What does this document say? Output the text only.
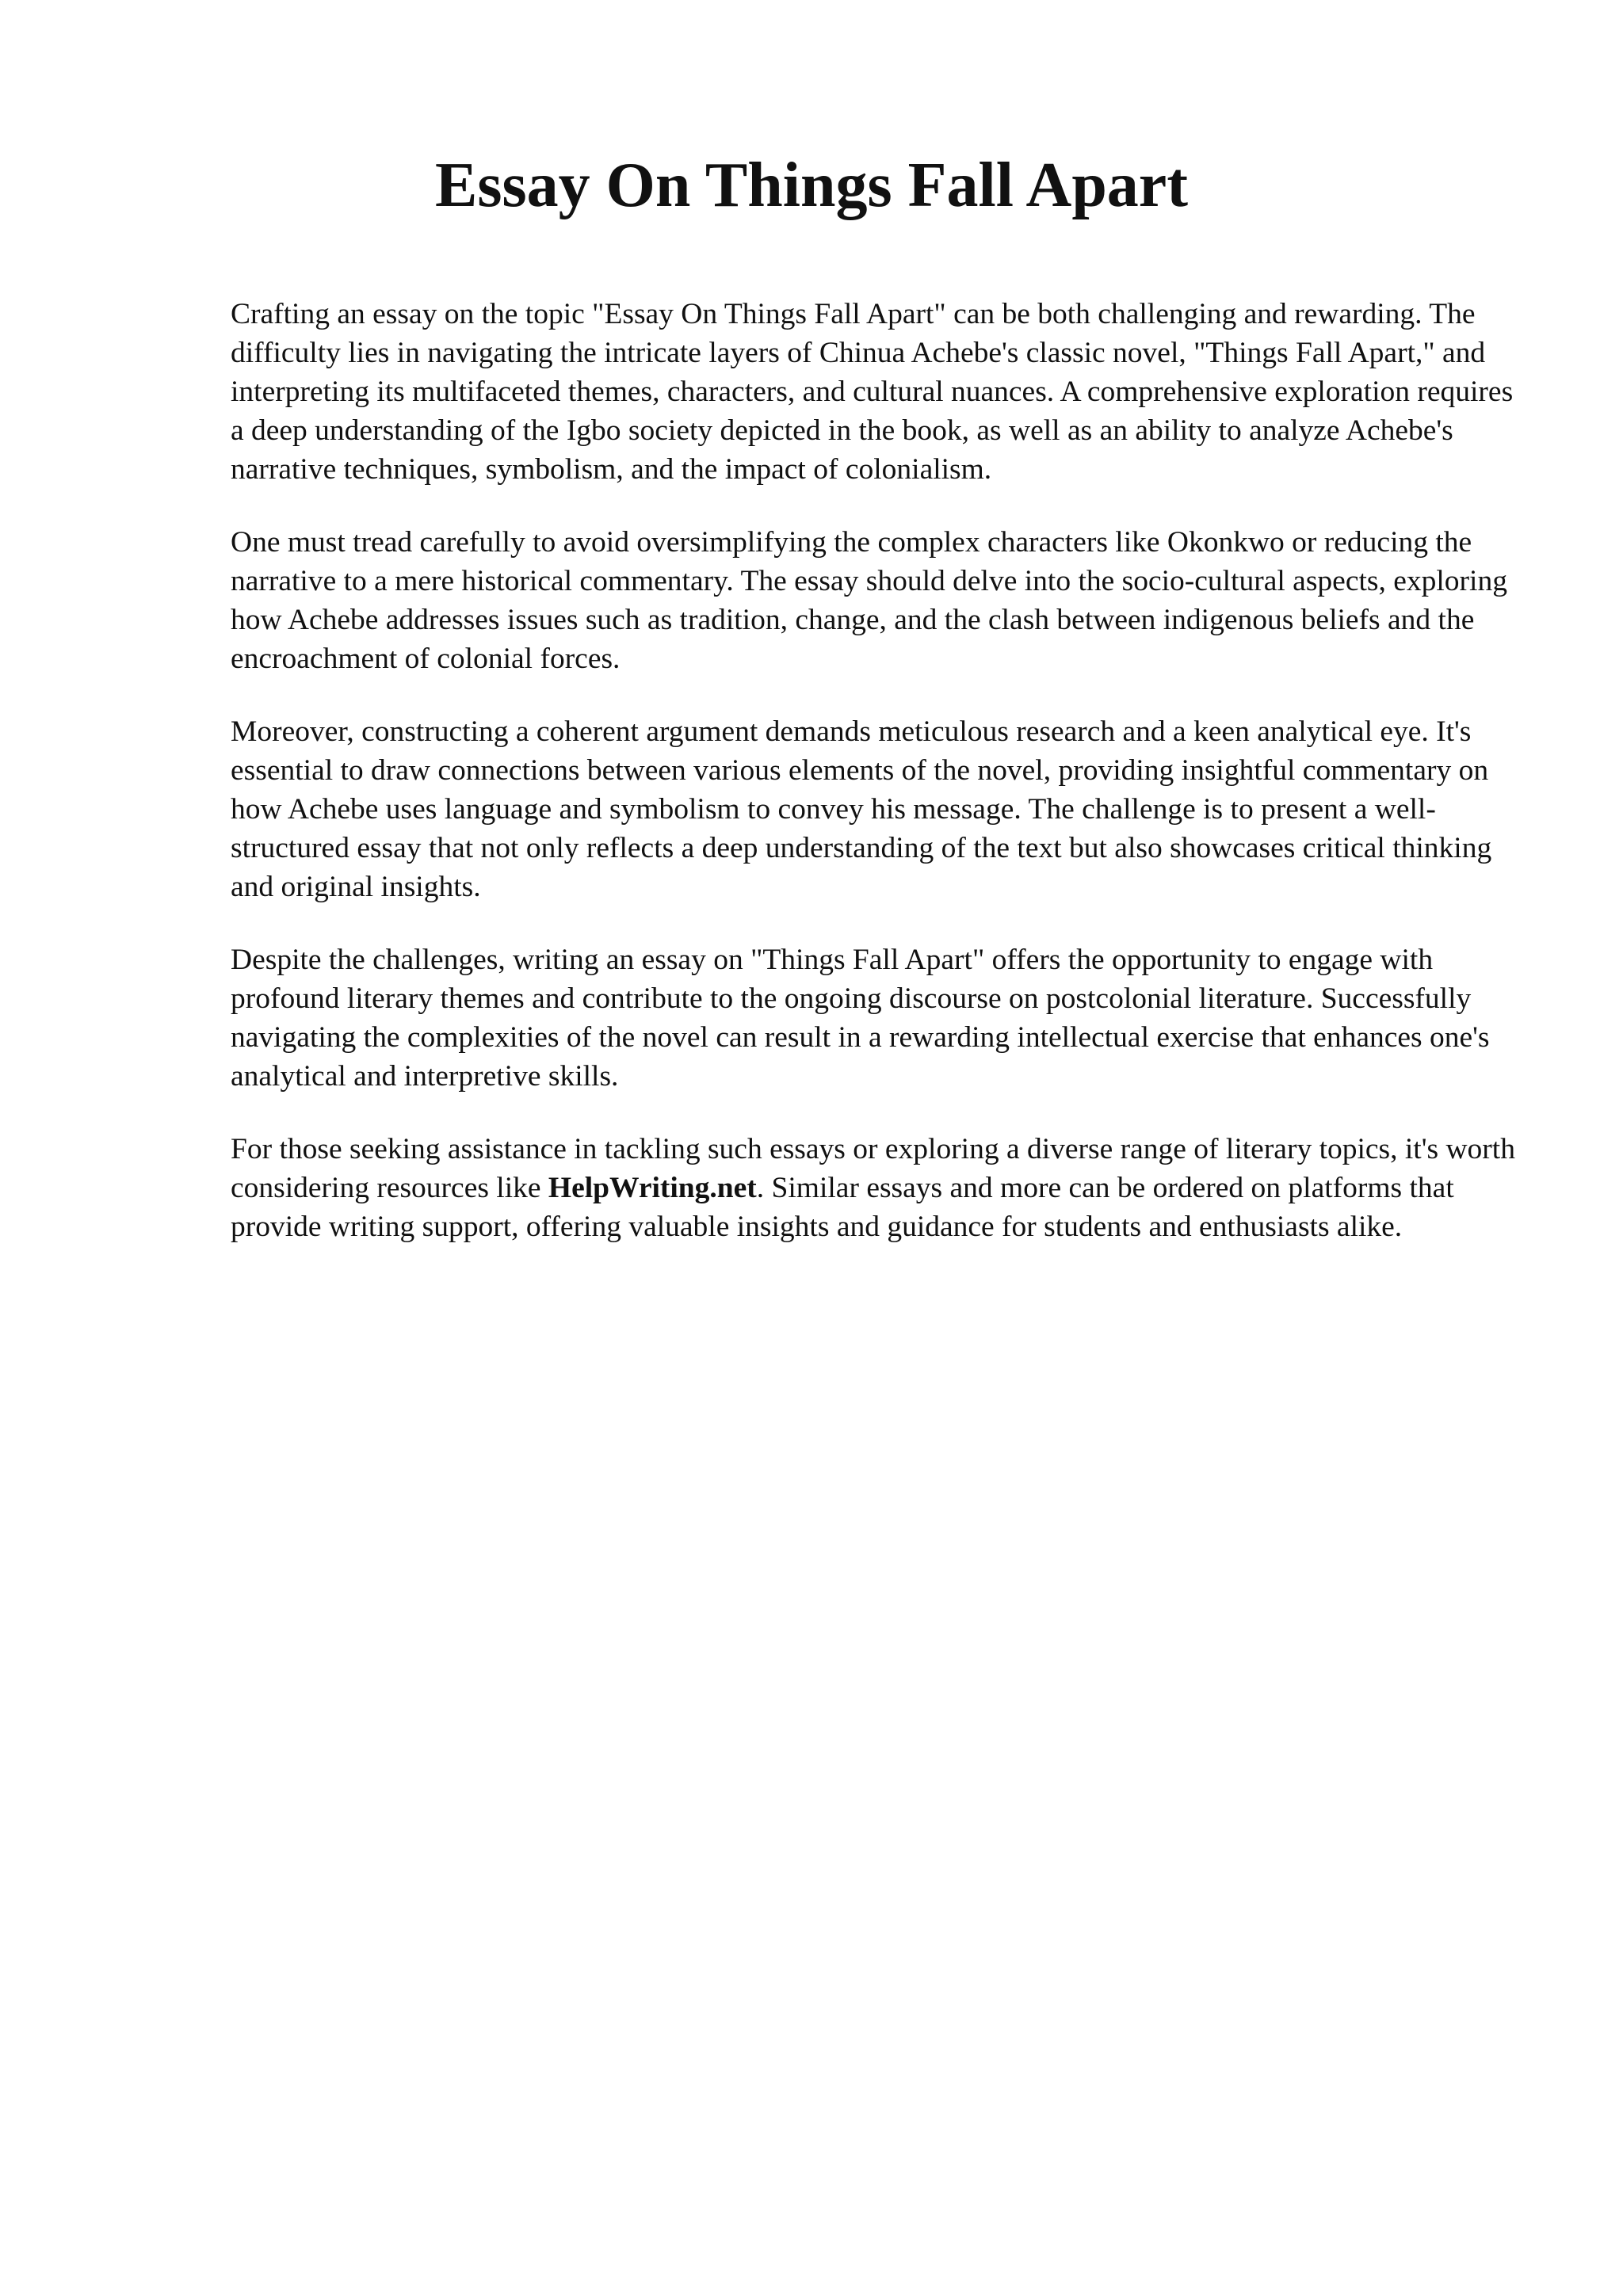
Essay On Things Fall Apart

Crafting an essay on the topic "Essay On Things Fall Apart" can be both challenging and rewarding. The difficulty lies in navigating the intricate layers of Chinua Achebe's classic novel, "Things Fall Apart," and interpreting its multifaceted themes, characters, and cultural nuances. A comprehensive exploration requires a deep understanding of the Igbo society depicted in the book, as well as an ability to analyze Achebe's narrative techniques, symbolism, and the impact of colonialism.

One must tread carefully to avoid oversimplifying the complex characters like Okonkwo or reducing the narrative to a mere historical commentary. The essay should delve into the socio-cultural aspects, exploring how Achebe addresses issues such as tradition, change, and the clash between indigenous beliefs and the encroachment of colonial forces.

Moreover, constructing a coherent argument demands meticulous research and a keen analytical eye. It's essential to draw connections between various elements of the novel, providing insightful commentary on how Achebe uses language and symbolism to convey his message. The challenge is to present a well-structured essay that not only reflects a deep understanding of the text but also showcases critical thinking and original insights.

Despite the challenges, writing an essay on "Things Fall Apart" offers the opportunity to engage with profound literary themes and contribute to the ongoing discourse on postcolonial literature. Successfully navigating the complexities of the novel can result in a rewarding intellectual exercise that enhances one's analytical and interpretive skills.

For those seeking assistance in tackling such essays or exploring a diverse range of literary topics, it's worth considering resources like HelpWriting.net. Similar essays and more can be ordered on platforms that provide writing support, offering valuable insights and guidance for students and enthusiasts alike.
